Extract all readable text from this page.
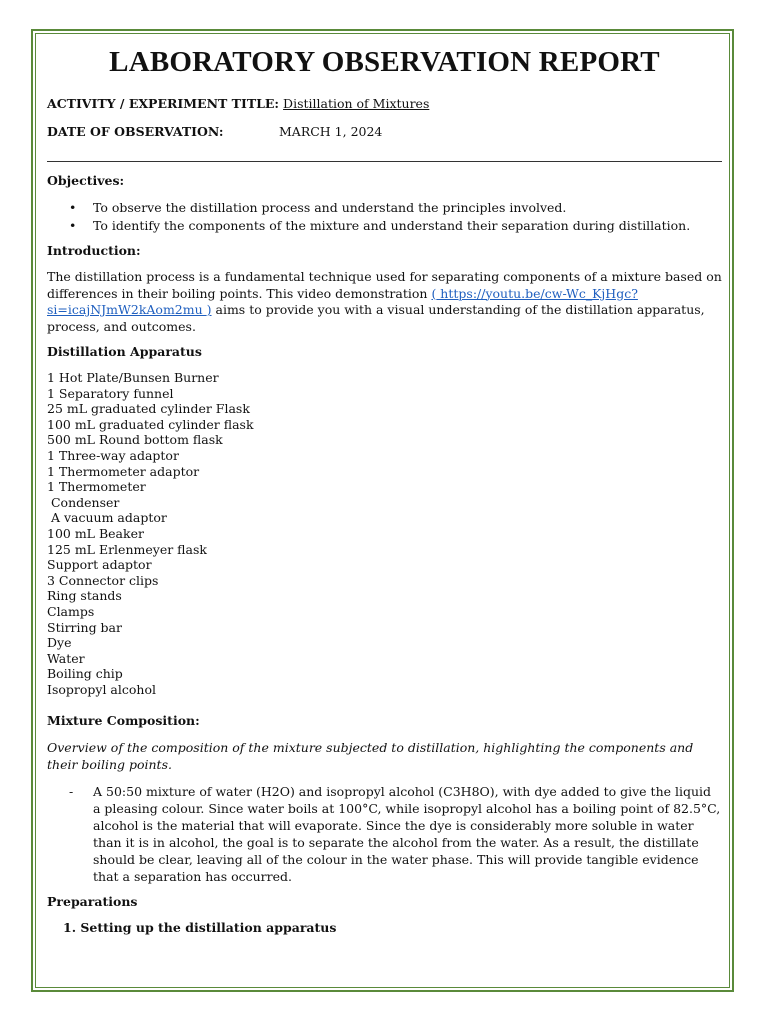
LABORATORY OBSERVATION REPORT
ACTIVITY / EXPERIMENT TITLE: Distillation of Mixtures
DATE OF OBSERVATION:	MARCH 1, 2024

Objectives:

• To observe the distillation process and understand the principles involved.
• To identify the components of the mixture and understand their separation during distillation.

Introduction:

The distillation process is a fundamental technique used for separating components of a mixture based on differences in their boiling points. This video demonstration ( https://youtu.be/cw-Wc_KjHgc?si=icajNJmW2kAom2mu ) aims to provide you with a visual understanding of the distillation apparatus, process, and outcomes.

Distillation Apparatus

1 Hot Plate/Bunsen Burner
1 Separatory funnel
25 mL graduated cylinder Flask
100 mL graduated cylinder flask
500 mL Round bottom flask
1 Three-way adaptor
1 Thermometer adaptor
1 Thermometer
Condenser
A vacuum adaptor
100 mL Beaker
125 mL Erlenmeyer flask
Support adaptor
3 Connector clips
Ring stands
Clamps
Stirring bar
Dye
Water
Boiling chip
Isopropyl alcohol

Mixture Composition:

Overview of the composition of the mixture subjected to distillation, highlighting the components and their boiling points.

- A 50:50 mixture of water (H2O) and isopropyl alcohol (C3H8O), with dye added to give the liquid a pleasing colour. Since water boils at 100°C, while isopropyl alcohol has a boiling point of 82.5°C, alcohol is the material that will evaporate. Since the dye is considerably more soluble in water than it is in alcohol, the goal is to separate the alcohol from the water. As a result, the distillate should be clear, leaving all of the colour in the water phase. This will provide tangible evidence that a separation has occurred.

Preparations

1. Setting up the distillation apparatus
